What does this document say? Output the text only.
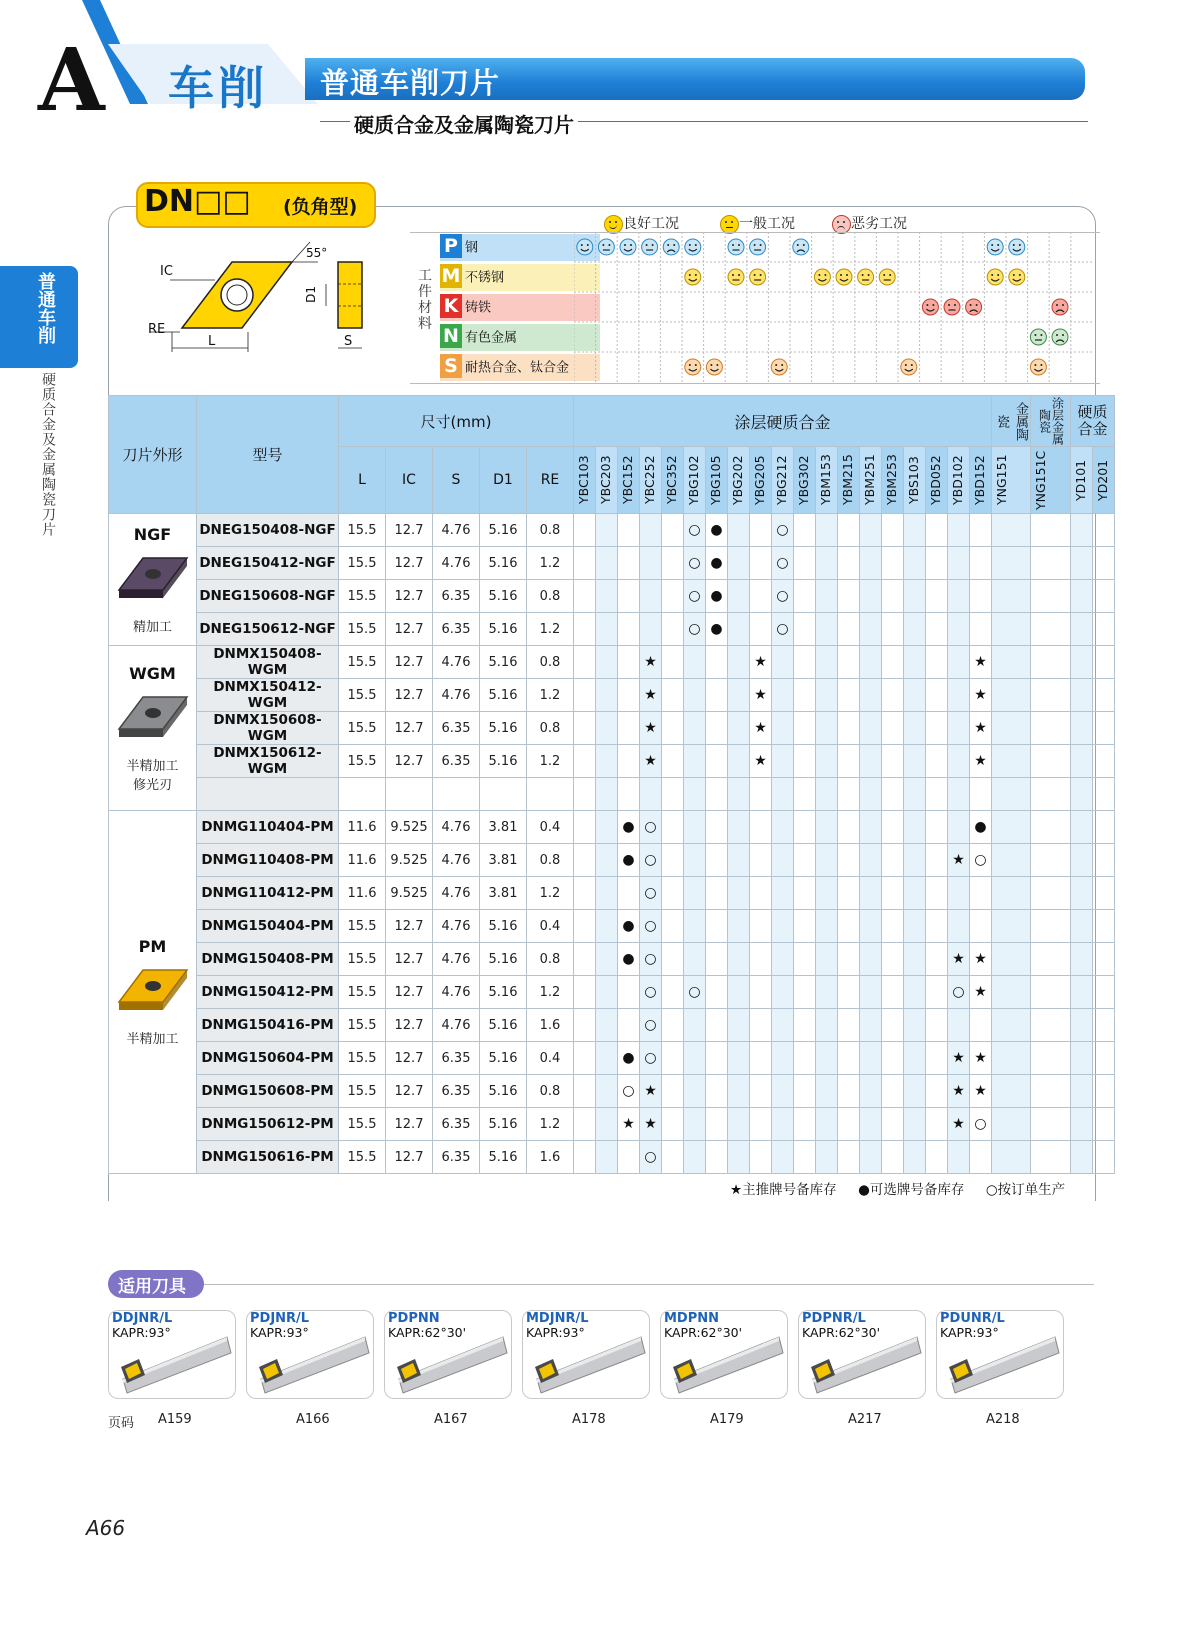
A 车削 普通车削刀片
硬质合金及金属陶瓷刀片
普通车削
硬质合金及金属陶瓷刀片
DN□□ (负角型)
IC
RE
L
D1
S
55°
良好工况	一般工况	恶劣工况
工件材料
P 钢
M 不锈钢
K 铸铁
N 有色金属
S 耐热合金、钛合金
刀片外形	型号	尺寸(mm)					涂层硬质合金																			金属陶瓷	涂层金属陶瓷	硬质合金	
		L	IC	S	D1	RE	YBC103	YBC203	YBC152	YBC252	YBC352	YBG102	YBG105	YBG202	YBG205	YBG212	YBG302	YBM153	YBM215	YBM251	YBM253	YBS103	YBD052	YBD102	YBD152	YNG151	YNG151C	YD101	YD201

NGF
精加工	DNEG150408-NGF	15.5	12.7	4.76	5.16	0.8						○	●			○													
	DNEG150412-NGF	15.5	12.7	4.76	5.16	1.2						○	●			○													
	DNEG150608-NGF	15.5	12.7	6.35	5.16	0.8						○	●			○													
	DNEG150612-NGF	15.5	12.7	6.35	5.16	1.2						○	●			○													

WGM
半精加工
修光刃	DNMX150408-WGM	15.5	12.7	4.76	5.16	0.8				★					★										★				
	DNMX150412-WGM	15.5	12.7	4.76	5.16	1.2				★					★										★				
	DNMX150608-WGM	15.5	12.7	6.35	5.16	0.8				★					★										★				
	DNMX150612-WGM	15.5	12.7	6.35	5.16	1.2				★					★										★				

PM
半精加工	DNMG110404-PM	11.6	9.525	4.76	3.81	0.4			●	○															●				
	DNMG110408-PM	11.6	9.525	4.76	3.81	0.8			●	○														★	○				
	DNMG110412-PM	11.6	9.525	4.76	3.81	1.2				○																			
	DNMG150404-PM	15.5	12.7	4.76	5.16	0.4			●	○																			
	DNMG150408-PM	15.5	12.7	4.76	5.16	0.8			●	○														★	★				
	DNMG150412-PM	15.5	12.7	4.76	5.16	1.2				○		○												○	★				
	DNMG150416-PM	15.5	12.7	4.76	5.16	1.6				○																			
	DNMG150604-PM	15.5	12.7	6.35	5.16	0.4			●	○														★	★				
	DNMG150608-PM	15.5	12.7	6.35	5.16	0.8			○	★														★	★				
	DNMG150612-PM	15.5	12.7	6.35	5.16	1.2			★	★														★	○				
	DNMG150616-PM	15.5	12.7	6.35	5.16	1.6				○																			
★主推牌号备库存 ●可选牌号备库存 ○按订单生产
适用刀具
DDJNR/L
KAPR:93°
A159
PDJNR/L
KAPR:93°
A166
PDPNN
KAPR:62°30'
A167
MDJNR/L
KAPR:93°
A178
MDPNN
KAPR:62°30'
A179
PDPNR/L
KAPR:62°30'
A217
PDUNR/L
KAPR:93°
A218
页码
A66
